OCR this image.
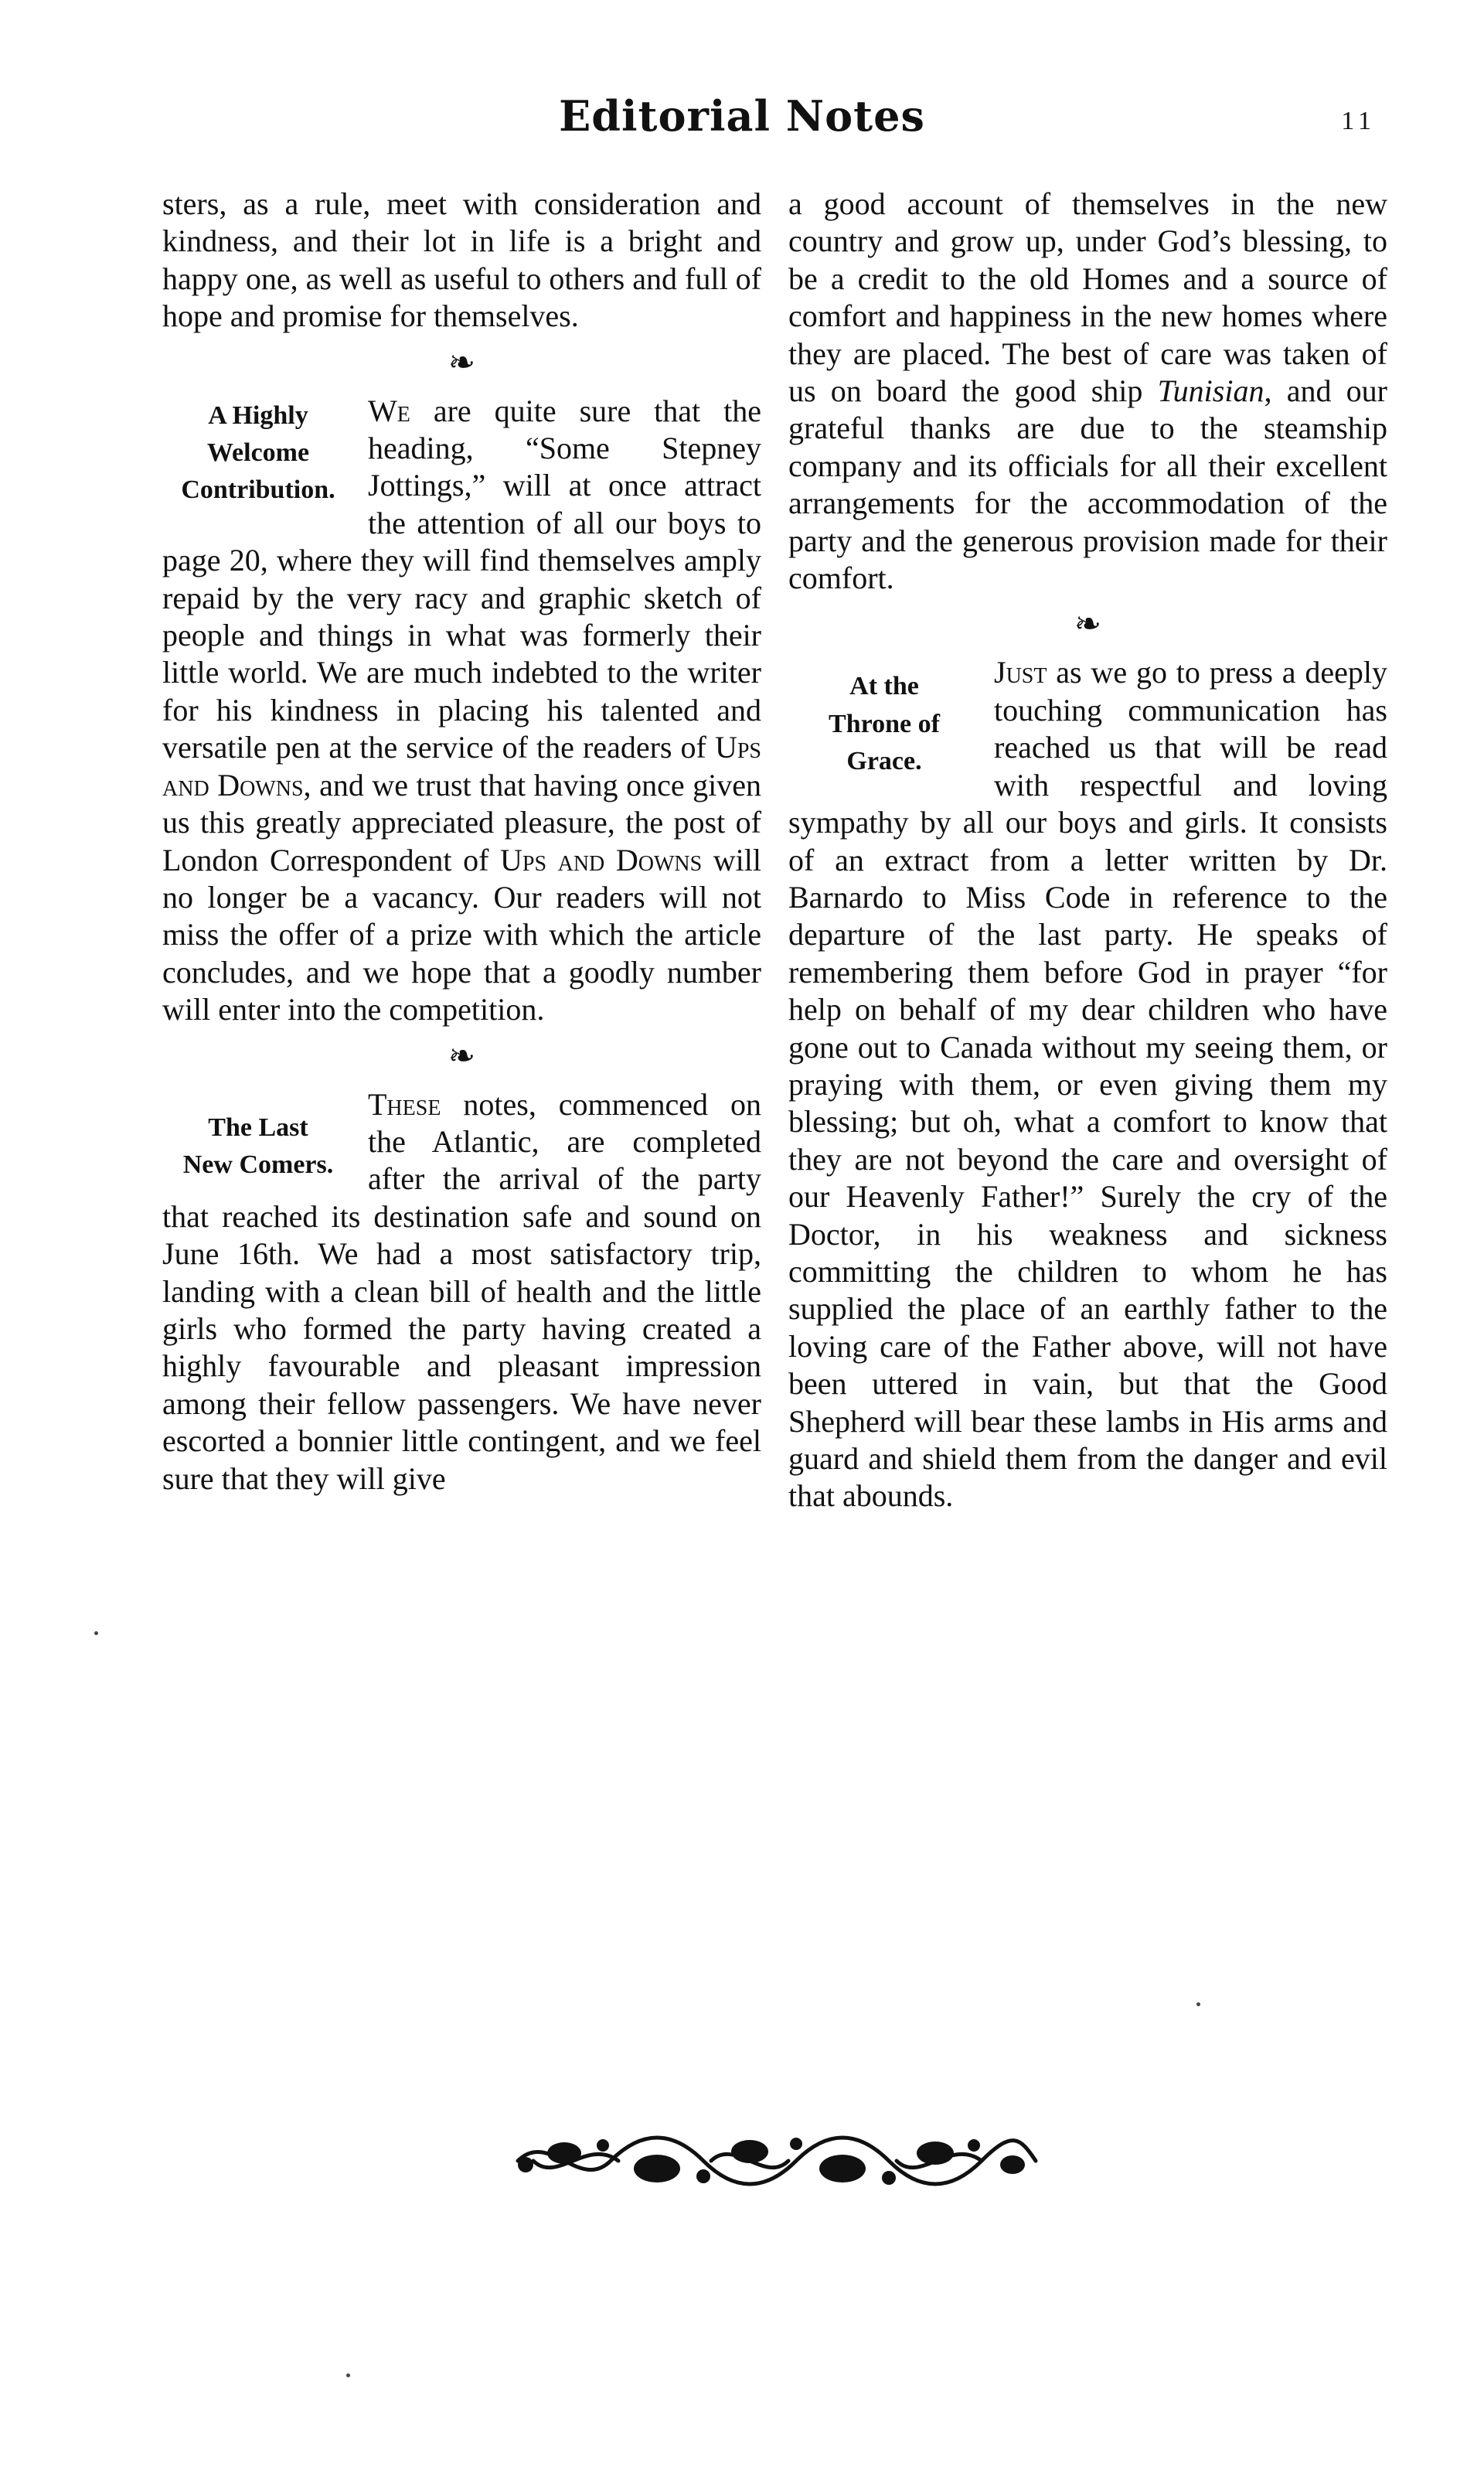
Editorial Notes	11

sters, as a rule, meet with consideration and kindness, and their lot in life is a bright and happy one, as well as useful to others and full of hope and promise for themselves.

❧
A Highly
Welcome
Contribution.

We are quite sure that the heading, “Some Stepney Jottings,” will at once attract the attention of all our boys to page 20, where they will find themselves amply repaid by the very racy and graphic sketch of people and things in what was formerly their little world. We are much indebted to the writer for his kindness in placing his talented and versatile pen at the service of the readers of Ups and Downs, and we trust that having once given us this greatly appreciated pleasure, the post of London Correspondent of Ups and Downs will no longer be a vacancy. Our readers will not miss the offer of a prize with which the article concludes, and we hope that a goodly number will enter into the competition.

❧
The Last
New Comers.

These notes, commenced on the Atlantic, are completed after the arrival of the party that reached its destination safe and sound on June 16th. We had a most satisfactory trip, landing with a clean bill of health and the little girls who formed the party having created a highly favourable and pleasant impression among their fellow passengers. We have never escorted a bonnier little contingent, and we feel sure that they will give

a good account of themselves in the new country and grow up, under God’s blessing, to be a credit to the old Homes and a source of comfort and happiness in the new homes where they are placed. The best of care was taken of us on board the good ship Tunisian, and our grateful thanks are due to the steamship company and its officials for all their excellent arrangements for the accommodation of the party and the generous provision made for their comfort.

❧
At the
Throne of
Grace.

Just as we go to press a deeply touching communication has reached us that will be read with respectful and loving sympathy by all our boys and girls. It consists of an extract from a letter written by Dr. Barnardo to Miss Code in reference to the departure of the last party. He speaks of remembering them before God in prayer “for help on behalf of my dear children who have gone out to Canada without my seeing them, or praying with them, or even giving them my blessing; but oh, what a comfort to know that they are not beyond the care and oversight of our Heavenly Father!” Surely the cry of the Doctor, in his weakness and sickness committing the children to whom he has supplied the place of an earthly father to the loving care of the Father above, will not have been uttered in vain, but that the Good Shepherd will bear these lambs in His arms and guard and shield them from the danger and evil that abounds.
